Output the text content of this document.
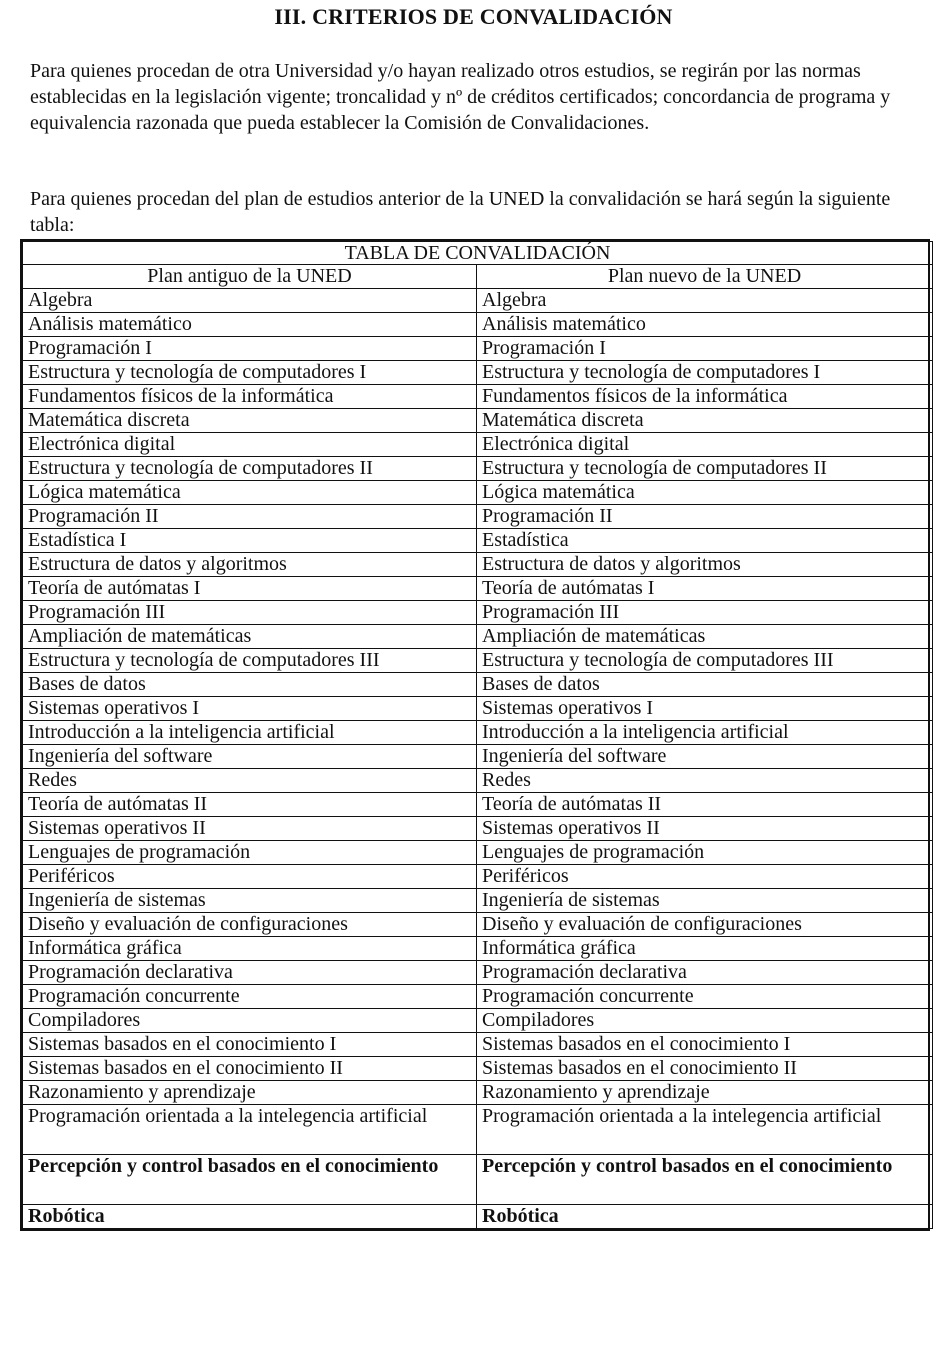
III. CRITERIOS DE CONVALIDACIÓN

Para quienes procedan de otra Universidad y/o hayan realizado otros estudios, se regirán por las normas establecidas en la legislación vigente; troncalidad y nº de créditos certificados; concordancia de programa y equivalencia razonada que pueda establecer la Comisión de Convalidaciones.

Para quienes procedan del plan de estudios anterior de la UNED la convalidación se hará según la siguiente tabla:

TABLA DE CONVALIDACIÓN	
Plan antiguo de la UNED	Plan nuevo de la UNED
Algebra	Algebra
Análisis matemático	Análisis matemático
Programación I	Programación I
Estructura y tecnología de computadores I	Estructura y tecnología de computadores I
Fundamentos físicos de la informática	Fundamentos físicos de la informática
Matemática discreta	Matemática discreta
Electrónica digital	Electrónica digital
Estructura y tecnología de computadores II	Estructura y tecnología de computadores II
Lógica matemática	Lógica matemática
Programación II	Programación II
Estadística I	Estadística
Estructura de datos y algoritmos	Estructura de datos y algoritmos
Teoría de autómatas I	Teoría de autómatas I
Programación III	Programación III
Ampliación de matemáticas	Ampliación de matemáticas
Estructura y tecnología de computadores III	Estructura y tecnología de computadores III
Bases de datos	Bases de datos
Sistemas operativos I	Sistemas operativos I
Introducción a la inteligencia artificial	Introducción a la inteligencia artificial
Ingeniería del software	Ingeniería del software
Redes	Redes
Teoría de autómatas II	Teoría de autómatas II
Sistemas operativos II	Sistemas operativos II
Lenguajes de programación	Lenguajes de programación
Periféricos	Periféricos
Ingeniería de sistemas	Ingeniería de sistemas
Diseño y evaluación de configuraciones	Diseño y evaluación de configuraciones
Informática gráfica	Informática gráfica
Programación declarativa	Programación declarativa
Programación concurrente	Programación concurrente
Compiladores	Compiladores
Sistemas basados en el conocimiento I	Sistemas basados en el conocimiento I
Sistemas basados en el conocimiento II	Sistemas basados en el conocimiento II
Razonamiento y aprendizaje	Razonamiento y aprendizaje
Programación orientada a la intelegencia artificial	Programación orientada a la intelegencia artificial
Percepción y control basados en el conocimiento	Percepción y control basados en el conocimiento
Robótica	Robótica
